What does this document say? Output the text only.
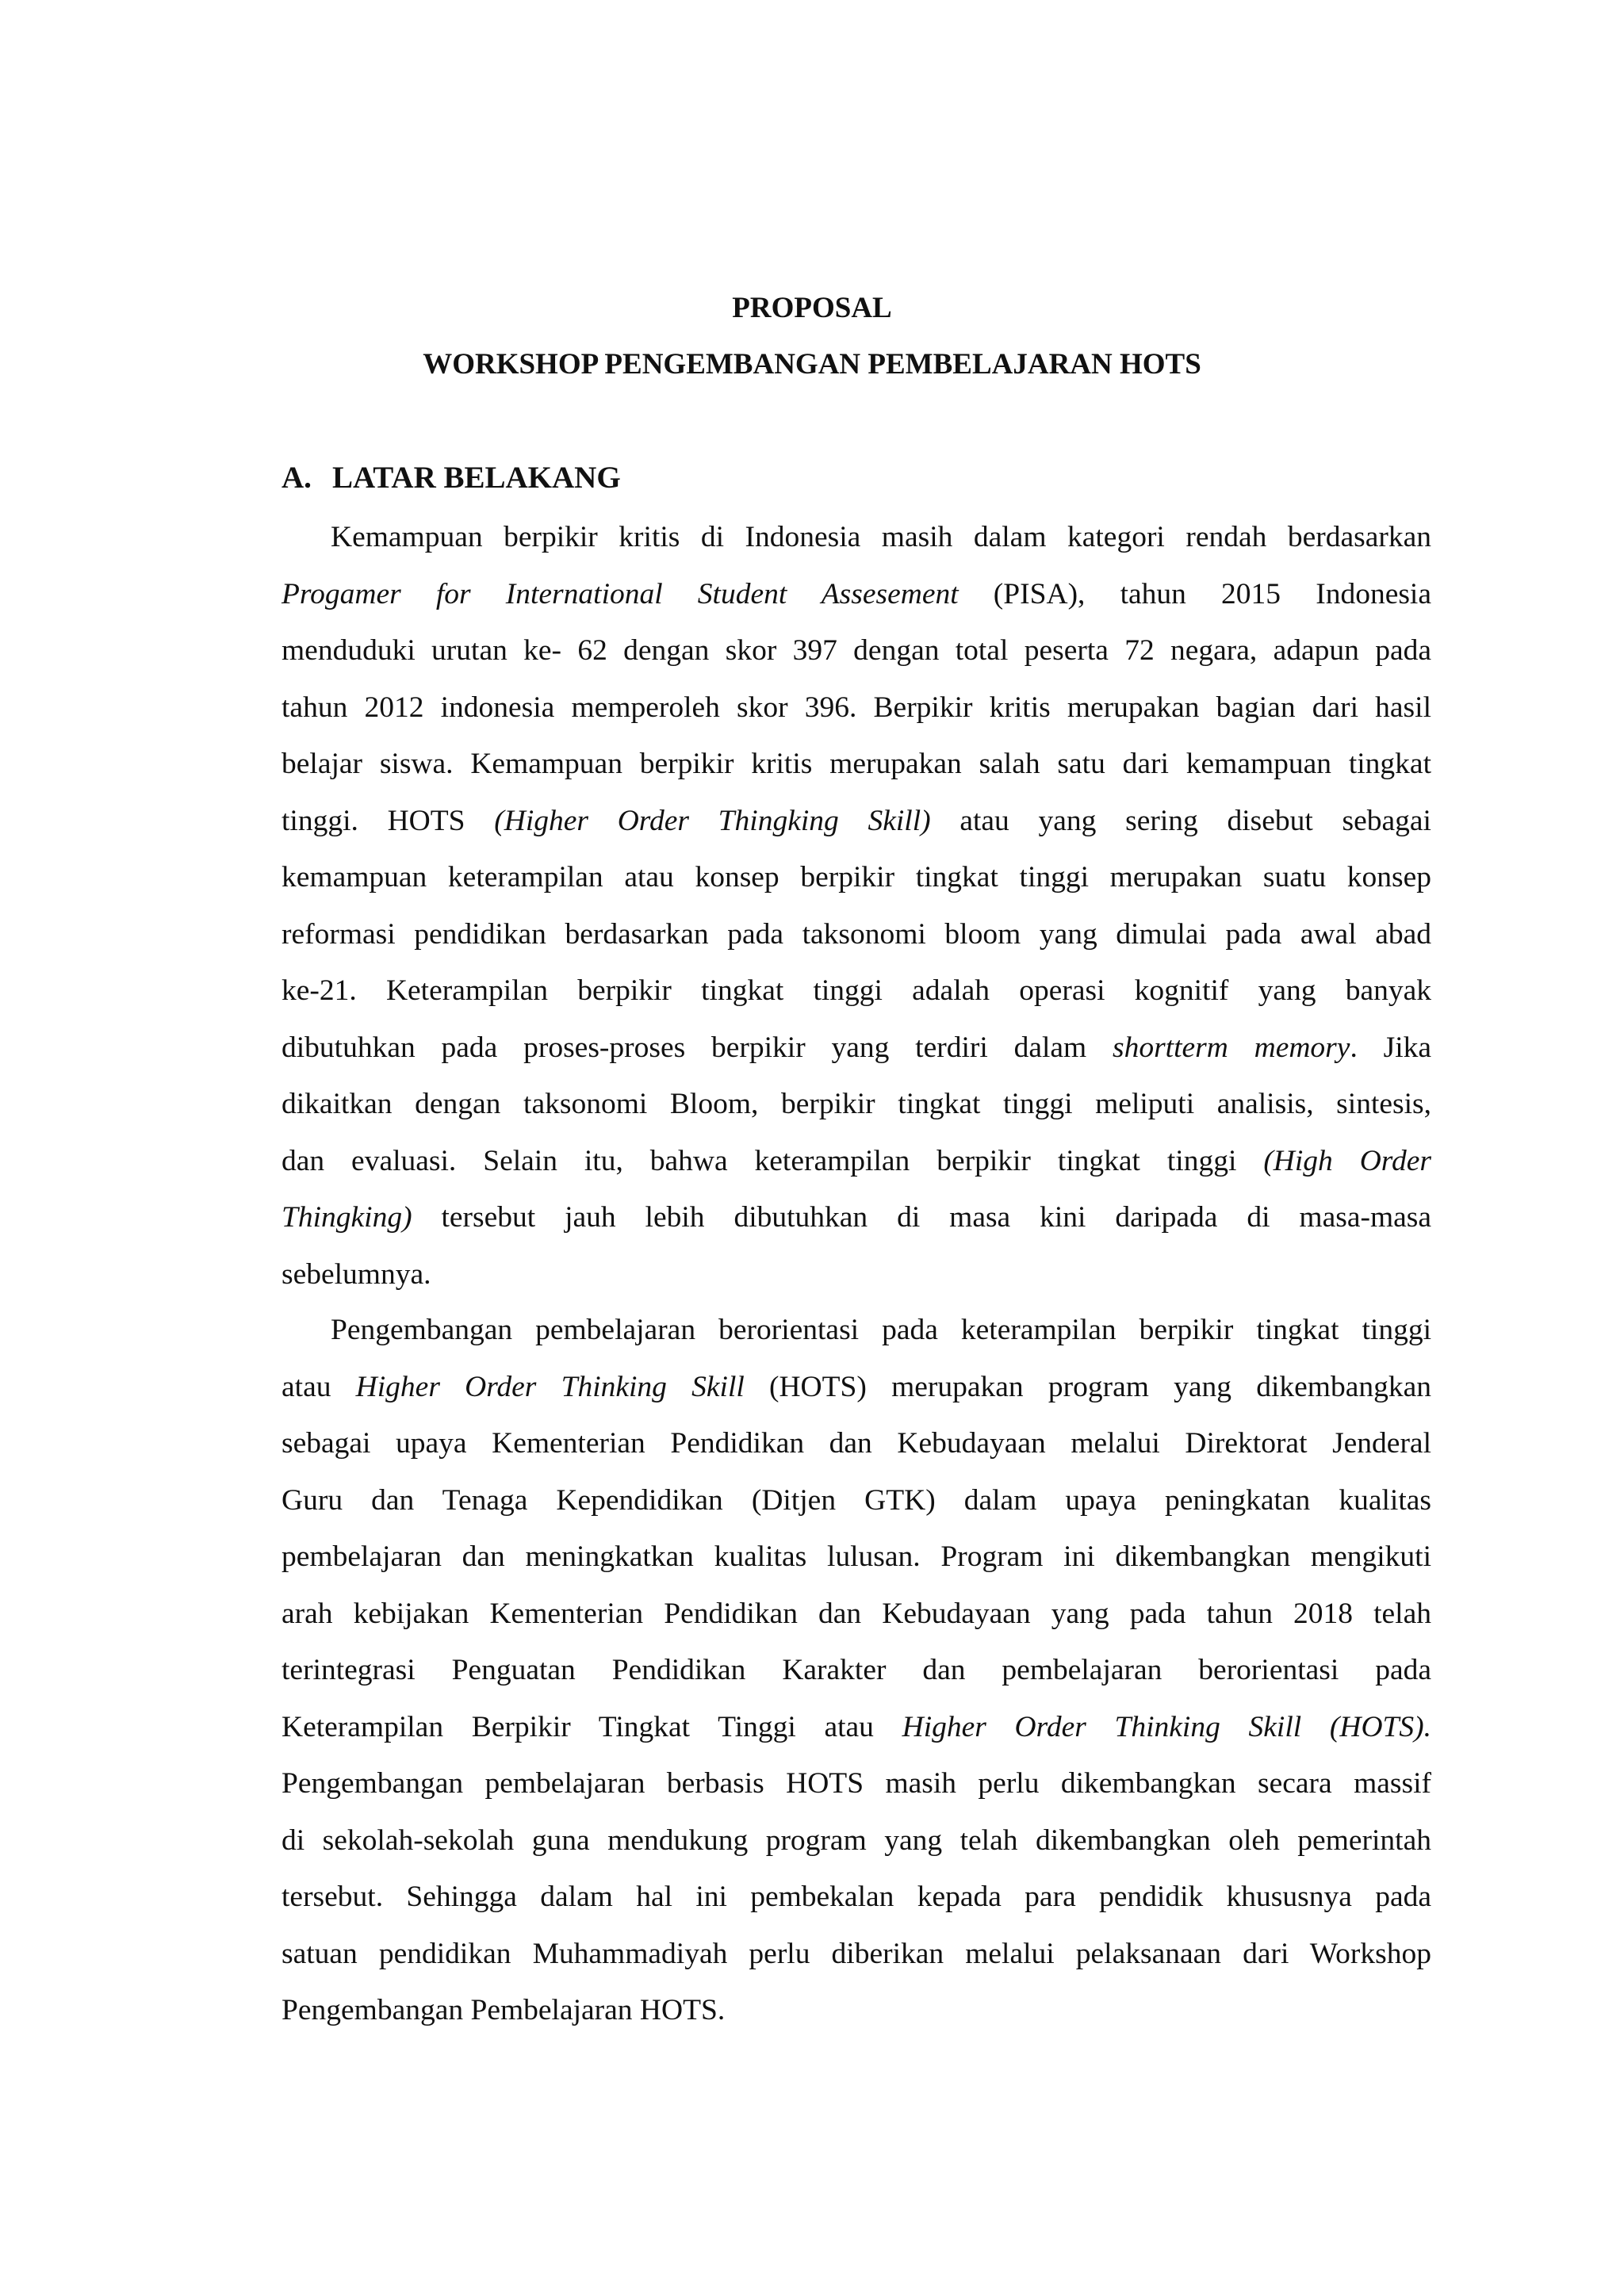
PROPOSAL
WORKSHOP PENGEMBANGAN PEMBELAJARAN HOTS
A. LATAR BELAKANG
Kemampuan berpikir kritis di Indonesia masih dalam kategori rendah berdasarkan
Progamer for International Student Assesement (PISA), tahun 2015 Indonesia
menduduki urutan ke- 62 dengan skor 397 dengan total peserta 72 negara, adapun pada
tahun 2012 indonesia memperoleh skor 396. Berpikir kritis merupakan bagian dari hasil
belajar siswa. Kemampuan berpikir kritis merupakan salah satu dari kemampuan tingkat
tinggi. HOTS (Higher Order Thingking Skill) atau yang sering disebut sebagai
kemampuan keterampilan atau konsep berpikir tingkat tinggi merupakan suatu konsep
reformasi pendidikan berdasarkan pada taksonomi bloom yang dimulai pada awal abad
ke-21. Keterampilan berpikir tingkat tinggi adalah operasi kognitif yang banyak
dibutuhkan pada proses-proses berpikir yang terdiri dalam shortterm memory. Jika
dikaitkan dengan taksonomi Bloom, berpikir tingkat tinggi meliputi analisis, sintesis,
dan evaluasi. Selain itu, bahwa keterampilan berpikir tingkat tinggi (High Order
Thingking) tersebut jauh lebih dibutuhkan di masa kini daripada di masa-masa
sebelumnya.
Pengembangan pembelajaran berorientasi pada keterampilan berpikir tingkat tinggi
atau Higher Order Thinking Skill (HOTS) merupakan program yang dikembangkan
sebagai upaya Kementerian Pendidikan dan Kebudayaan melalui Direktorat Jenderal
Guru dan Tenaga Kependidikan (Ditjen GTK) dalam upaya peningkatan kualitas
pembelajaran dan meningkatkan kualitas lulusan. Program ini dikembangkan mengikuti
arah kebijakan Kementerian Pendidikan dan Kebudayaan yang pada tahun 2018 telah
terintegrasi Penguatan Pendidikan Karakter dan pembelajaran berorientasi pada
Keterampilan Berpikir Tingkat Tinggi atau Higher Order Thinking Skill (HOTS).
Pengembangan pembelajaran berbasis HOTS masih perlu dikembangkan secara massif
di sekolah-sekolah guna mendukung program yang telah dikembangkan oleh pemerintah
tersebut. Sehingga dalam hal ini pembekalan kepada para pendidik khususnya pada
satuan pendidikan Muhammadiyah perlu diberikan melalui pelaksanaan dari Workshop
Pengembangan Pembelajaran HOTS.
